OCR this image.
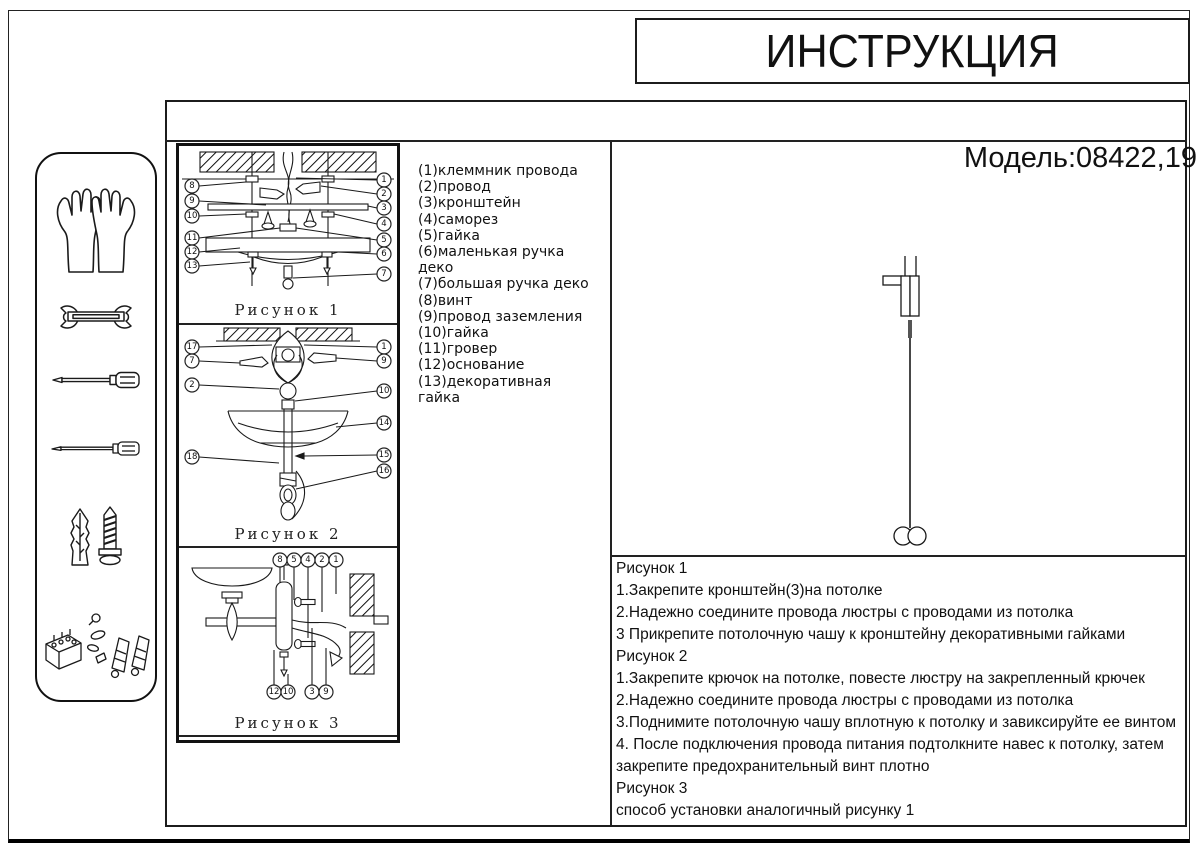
ИНСТРУКЦИЯ
Модель:08422,19
8
9
10
11
12
13
1
2
3
4
5
6
7
Рисунок 1
17
7
2
18
1
9
10
14
15
16
Рисунок 2
8 5 4 2 1
12 10 3 9
Рисунок 3
(1)клеммник провода
(2)провод
(3)кронштейн
(4)саморез
(5)гайка
(6)маленькая ручка
деко
(7)большая ручка деко
(8)винт
(9)провод заземления
(10)гайка
(11)гровер
(12)основание
(13)декоративная
гайка
Рисунок 1
1.Закрепите кронштейн(3)на потолке
2.Надежно соедините провода люстры с проводами из потолка
3 Прикрепите потолочную чашу к кронштейну декоративными гайками
Рисунок 2
1.Закрепите крючок на потолке, повесте люстру на закрепленный крючек
2.Надежно соедините провода люстры с проводами из потолка
3.Поднимите потолочную чашу вплотную к потолку и завиксируйте ее винтом
4. После подключения провода питания подтолкните навес к потолку, затем
закрепите предохранительный винт плотно
Рисунок 3
способ установки аналогичный рисунку 1
